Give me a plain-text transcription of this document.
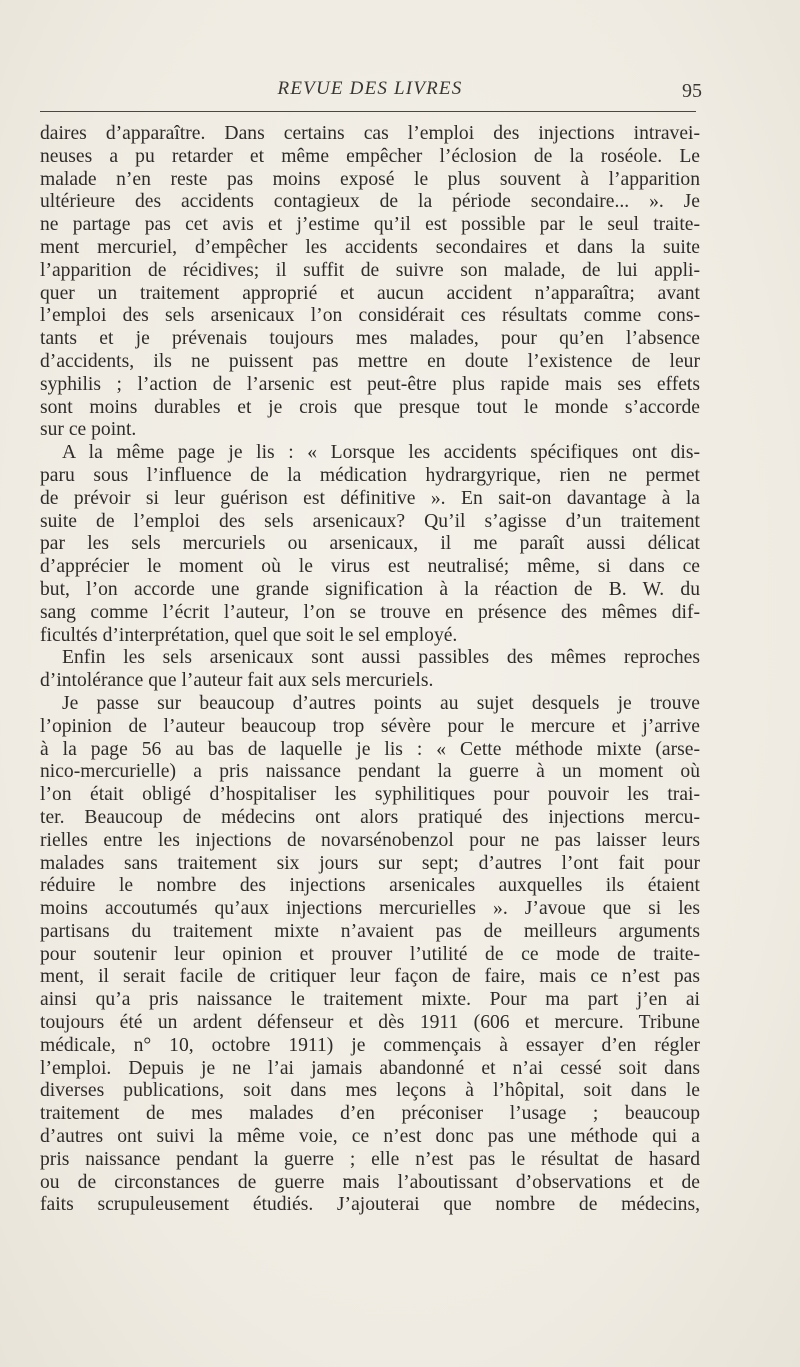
REVUE DES LIVRES	95
daires d’apparaître. Dans certains cas l’emploi des injections intravei-
neuses a pu retarder et même empêcher l’éclosion de la roséole. Le
malade n’en reste pas moins exposé le plus souvent à l’apparition
ultérieure des accidents contagieux de la période secondaire... ». Je
ne partage pas cet avis et j’estime qu’il est possible par le seul traite-
ment mercuriel, d’empêcher les accidents secondaires et dans la suite
l’apparition de récidives; il suffit de suivre son malade, de lui appli-
quer un traitement approprié et aucun accident n’apparaîtra; avant
l’emploi des sels arsenicaux l’on considérait ces résultats comme cons-
tants et je prévenais toujours mes malades, pour qu’en l’absence
d’accidents, ils ne puissent pas mettre en doute l’existence de leur
syphilis ; l’action de l’arsenic est peut-être plus rapide mais ses effets
sont moins durables et je crois que presque tout le monde s’accorde
sur ce point.
A la même page je lis : « Lorsque les accidents spécifiques ont dis-
paru sous l’influence de la médication hydrargyrique, rien ne permet
de prévoir si leur guérison est définitive ». En sait-on davantage à la
suite de l’emploi des sels arsenicaux? Qu’il s’agisse d’un traitement
par les sels mercuriels ou arsenicaux, il me paraît aussi délicat
d’apprécier le moment où le virus est neutralisé; même, si dans ce
but, l’on accorde une grande signification à la réaction de B. W. du
sang comme l’écrit l’auteur, l’on se trouve en présence des mêmes dif-
ficultés d’interprétation, quel que soit le sel employé.
Enfin les sels arsenicaux sont aussi passibles des mêmes reproches
d’intolérance que l’auteur fait aux sels mercuriels.
Je passe sur beaucoup d’autres points au sujet desquels je trouve
l’opinion de l’auteur beaucoup trop sévère pour le mercure et j’arrive
à la page 56 au bas de laquelle je lis : « Cette méthode mixte (arse-
nico-mercurielle) a pris naissance pendant la guerre à un moment où
l’on était obligé d’hospitaliser les syphilitiques pour pouvoir les trai-
ter. Beaucoup de médecins ont alors pratiqué des injections mercu-
rielles entre les injections de novarsénobenzol pour ne pas laisser leurs
malades sans traitement six jours sur sept; d’autres l’ont fait pour
réduire le nombre des injections arsenicales auxquelles ils étaient
moins accoutumés qu’aux injections mercurielles ». J’avoue que si les
partisans du traitement mixte n’avaient pas de meilleurs arguments
pour soutenir leur opinion et prouver l’utilité de ce mode de traite-
ment, il serait facile de critiquer leur façon de faire, mais ce n’est pas
ainsi qu’a pris naissance le traitement mixte. Pour ma part j’en ai
toujours été un ardent défenseur et dès 1911 (606 et mercure. Tribune
médicale, n° 10, octobre 1911) je commençais à essayer d’en régler
l’emploi. Depuis je ne l’ai jamais abandonné et n’ai cessé soit dans
diverses publications, soit dans mes leçons à l’hôpital, soit dans le
traitement de mes malades d’en préconiser l’usage ; beaucoup
d’autres ont suivi la même voie, ce n’est donc pas une méthode qui a
pris naissance pendant la guerre ; elle n’est pas le résultat de hasard
ou de circonstances de guerre mais l’aboutissant d’observations et de
faits scrupuleusement étudiés. J’ajouterai que nombre de médecins,
